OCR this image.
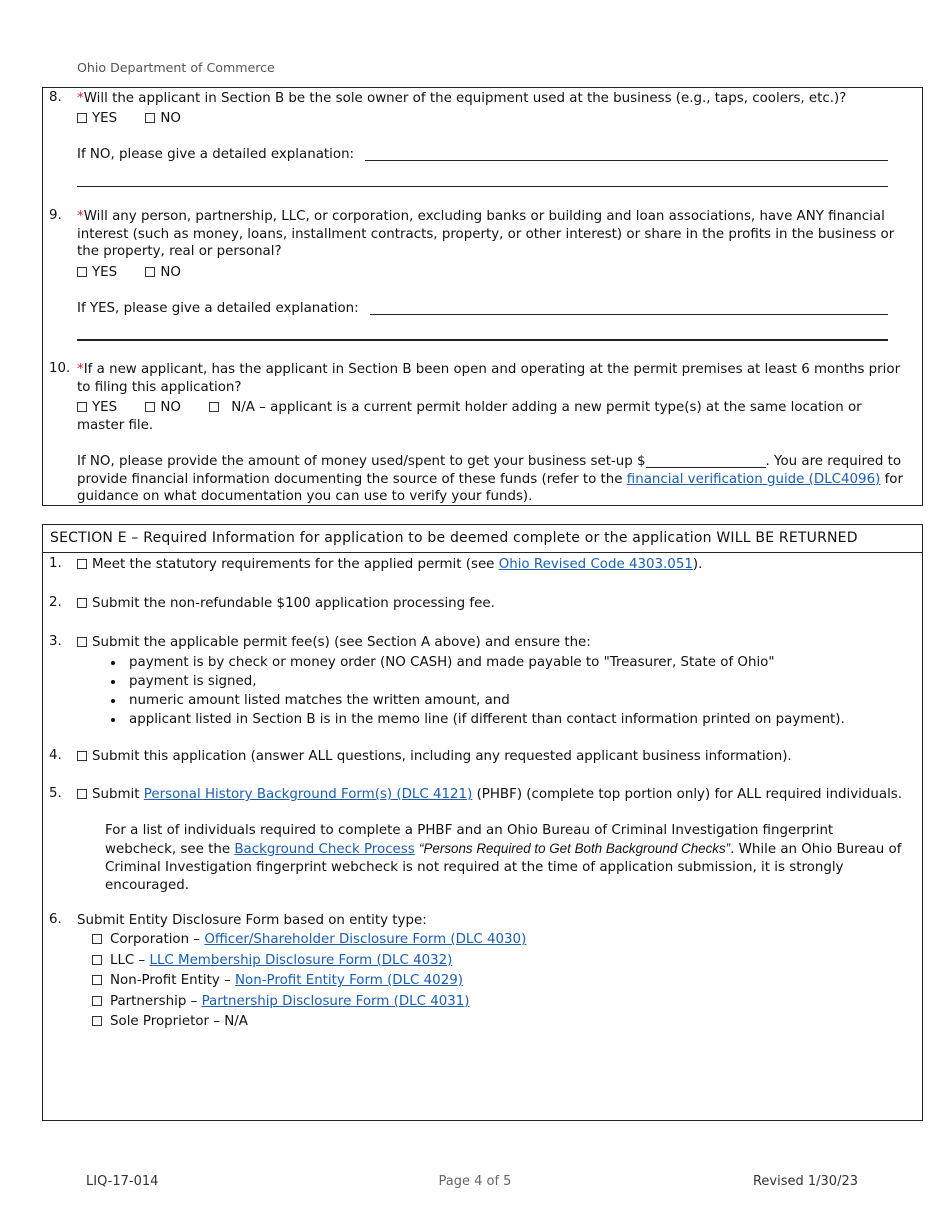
Ohio Department of Commerce
8. *Will the applicant in Section B be the sole owner of the equipment used at the business (e.g., taps, coolers, etc.)?
YES	NO
If NO, please give a detailed explanation:
9. *Will any person, partnership, LLC, or corporation, excluding banks or building and loan associations, have ANY financial interest (such as money, loans, installment contracts, property, or other interest) or share in the profits in the business or the property, real or personal?
YES	NO
If YES, please give a detailed explanation:
10. *If a new applicant, has the applicant in Section B been open and operating at the permit premises at least 6 months prior to filing this application?
YES	NO	N/A – applicant is a current permit holder adding a new permit type(s) at the same location or master file.
If NO, please provide the amount of money used/spent to get your business set-up $	. You are required to provide financial information documenting the source of these funds (refer to the financial verification guide (DLC4096) for guidance on what documentation you can use to verify your funds).
SECTION E – Required Information for application to be deemed complete or the application WILL BE RETURNED
1.	Meet the statutory requirements for the applied permit (see Ohio Revised Code 4303.051).
2.	Submit the non-refundable $100 application processing fee.
3.	Submit the applicable permit fee(s) (see Section A above) and ensure the:
• payment is by check or money order (NO CASH) and made payable to "Treasurer, State of Ohio"
• payment is signed,
• numeric amount listed matches the written amount, and
• applicant listed in Section B is in the memo line (if different than contact information printed on payment).
4.	Submit this application (answer ALL questions, including any requested applicant business information).
5.	Submit Personal History Background Form(s) (DLC 4121) (PHBF) (complete top portion only) for ALL required individuals.
For a list of individuals required to complete a PHBF and an Ohio Bureau of Criminal Investigation fingerprint webcheck, see the Background Check Process “Persons Required to Get Both Background Checks”. While an Ohio Bureau of Criminal Investigation fingerprint webcheck is not required at the time of application submission, it is strongly encouraged.
6. Submit Entity Disclosure Form based on entity type:
Corporation – Officer/Shareholder Disclosure Form (DLC 4030)
LLC – LLC Membership Disclosure Form (DLC 4032)
Non-Profit Entity – Non-Profit Entity Form (DLC 4029)
Partnership – Partnership Disclosure Form (DLC 4031)
Sole Proprietor – N/A
LIQ-17-014	Page 4 of 5	Revised 1/30/23
